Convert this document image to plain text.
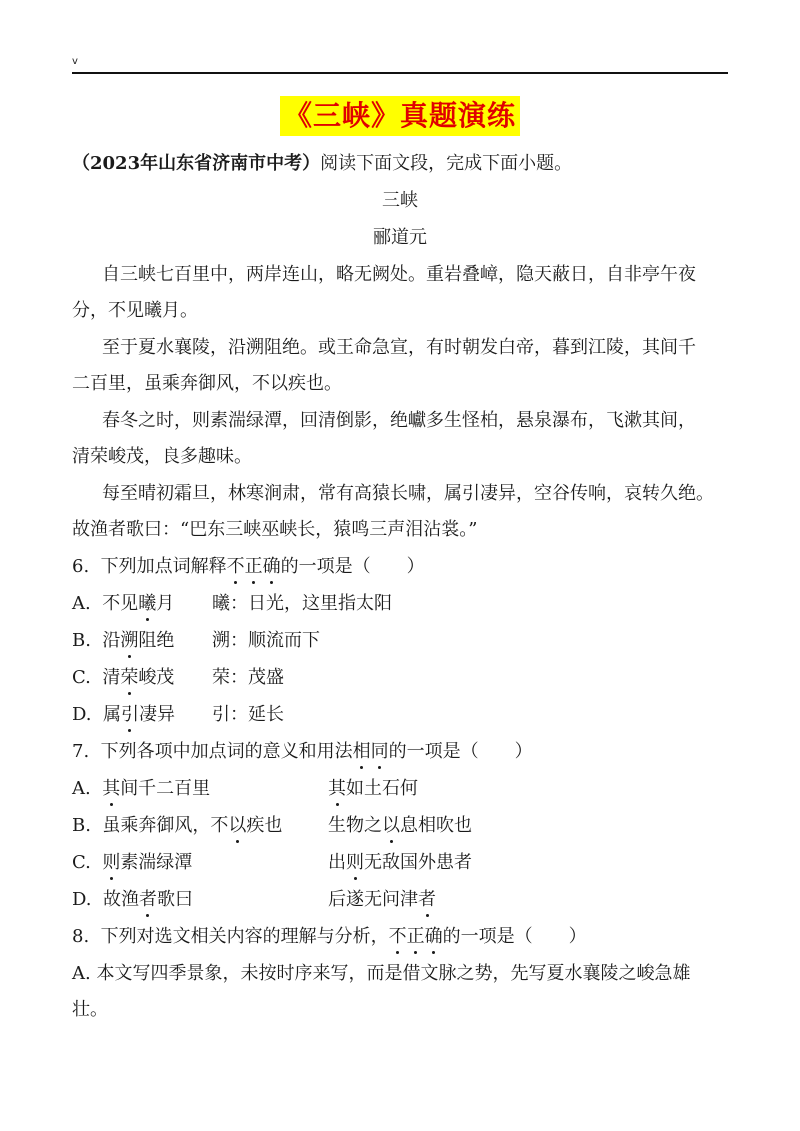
v
《三峡》真题演练
（2023年山东省济南市中考）阅读下面文段，完成下面小题。
三峡
郦道元
自三峡七百里中，两岸连山，略无阙处。重岩叠嶂，隐天蔽日，自非亭午夜
分，不见曦月。
至于夏水襄陵，沿溯阻绝。或王命急宣，有时朝发白帝，暮到江陵，其间千
二百里，虽乘奔御风，不以疾也。
春冬之时，则素湍绿潭，回清倒影，绝巘多生怪柏，悬泉瀑布，飞漱其间，
清荣峻茂，良多趣味。
每至晴初霜旦，林寒涧肃，常有高猿长啸，属引凄异，空谷传响，哀转久绝。
故渔者歌曰：“巴东三峡巫峡长，猿鸣三声泪沾裳。”
6. 下列加点词解释不正确的一项是（　　）
A. 不见曦月 曦：日光，这里指太阳
B. 沿溯阻绝 溯：顺流而下
C. 清荣峻茂 荣：茂盛
D. 属引凄异 引：延长
7. 下列各项中加点词的意义和用法相同的一项是（　　）
A. 其间千二百里	其如土石何
B. 虽乘奔御风，不以疾也	生物之以息相吹也
C. 则素湍绿潭	出则无敌国外患者
D. 故渔者歌曰	后遂无问津者
8. 下列对选文相关内容的理解与分析，不正确的一项是（　　）
A. 本文写四季景象，未按时序来写，而是借文脉之势，先写夏水襄陵之峻急雄
壮。
